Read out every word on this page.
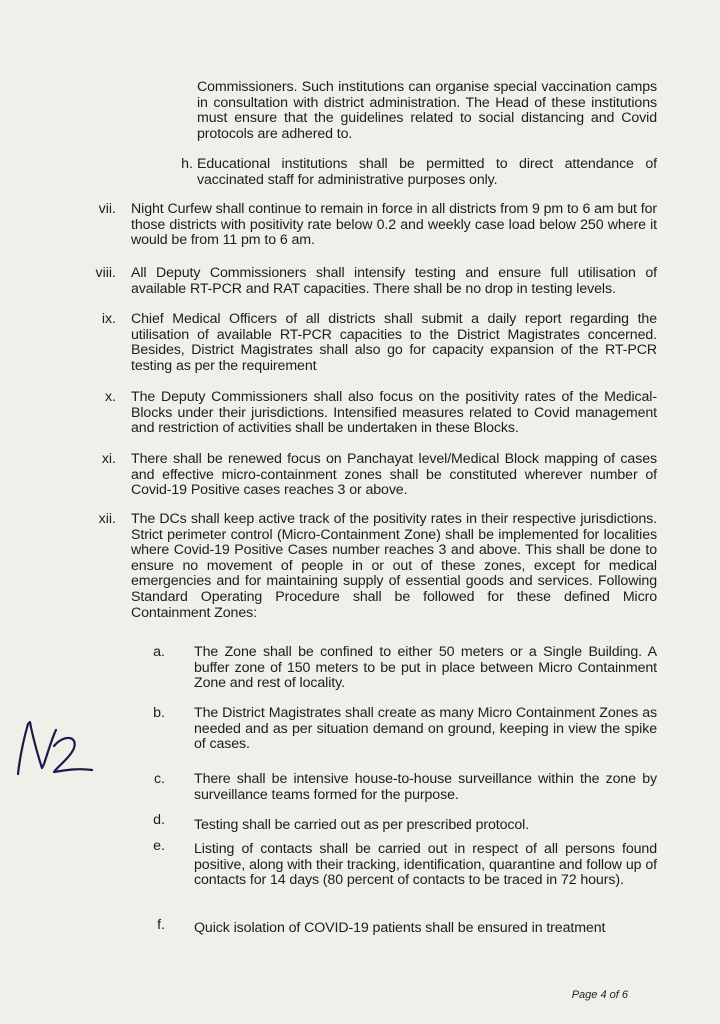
Commissioners. Such institutions can organise special vaccination camps in consultation with district administration. The Head of these institutions must ensure that the guidelines related to social distancing and Covid protocols are adhered to.
h. Educational institutions shall be permitted to direct attendance of vaccinated staff for administrative purposes only.
vii. Night Curfew shall continue to remain in force in all districts from 9 pm to 6 am but for those districts with positivity rate below 0.2 and weekly case load below 250 where it would be from 11 pm to 6 am.
viii. All Deputy Commissioners shall intensify testing and ensure full utilisation of available RT-PCR and RAT capacities. There shall be no drop in testing levels.
ix. Chief Medical Officers of all districts shall submit a daily report regarding the utilisation of available RT-PCR capacities to the District Magistrates concerned. Besides, District Magistrates shall also go for capacity expansion of the RT-PCR testing as per the requirement
x. The Deputy Commissioners shall also focus on the positivity rates of the Medical-Blocks under their jurisdictions. Intensified measures related to Covid management and restriction of activities shall be undertaken in these Blocks.
xi. There shall be renewed focus on Panchayat level/Medical Block mapping of cases and effective micro-containment zones shall be constituted wherever number of Covid-19 Positive cases reaches 3 or above.
xii. The DCs shall keep active track of the positivity rates in their respective jurisdictions. Strict perimeter control (Micro-Containment Zone) shall be implemented for localities where Covid-19 Positive Cases number reaches 3 and above. This shall be done to ensure no movement of people in or out of these zones, except for medical emergencies and for maintaining supply of essential goods and services. Following Standard Operating Procedure shall be followed for these defined Micro Containment Zones:
a. The Zone shall be confined to either 50 meters or a Single Building. A buffer zone of 150 meters to be put in place between Micro Containment Zone and rest of locality.
b. The District Magistrates shall create as many Micro Containment Zones as needed and as per situation demand on ground, keeping in view the spike of cases.
c. There shall be intensive house-to-house surveillance within the zone by surveillance teams formed for the purpose.
d. Testing shall be carried out as per prescribed protocol.
e. Listing of contacts shall be carried out in respect of all persons found positive, along with their tracking, identification, quarantine and follow up of contacts for 14 days (80 percent of contacts to be traced in 72 hours).
f. Quick isolation of COVID-19 patients shall be ensured in treatment
Page 4 of 6
